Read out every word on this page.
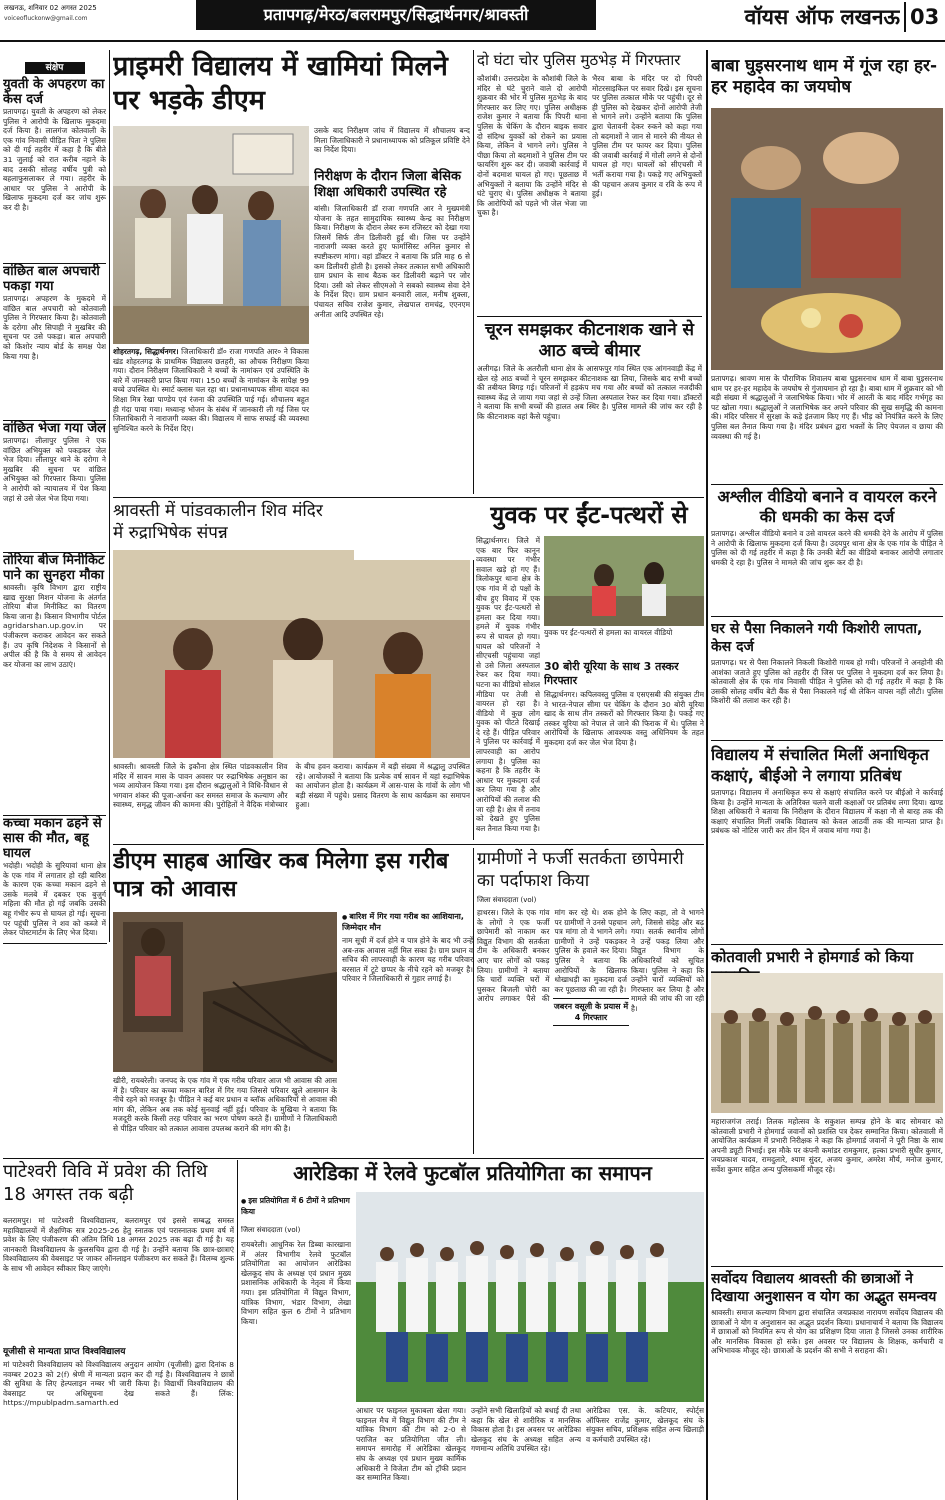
लखनऊ, शनिवार 02 अगस्त 2025
voiceofluckonw@gmail.com	प्रतापगढ़/मेरठ/बलरामपुर/सिद्धार्थनगर/श्रावस्ती	वॉयस ऑफ लखनऊ 03
संक्षेप
युवती के अपहरण का केस दर्ज
प्रतापगढ़। युवती के अपहरण को लेकर पुलिस ने आरोपी के खिलाफ मुकदमा दर्ज किया है। लालगंज कोतवाली के एक गांव निवासी पीड़ित पिता ने पुलिस को दी गई तहरीर में कहा है कि बीते 31 जुलाई को रात करीब नहाने के बाद उसकी सोलह वर्षीय पुत्री को बहलाफुसलाकर ले गया। तहरीर के आधार पर पुलिस ने आरोपी के खिलाफ मुकदमा दर्ज कर जांच शुरू कर दी है।
वांछित बाल अपचारी पकड़ा गया
प्रतापगढ़। अपहरण के मुकदमे में वांछित बाल अपचारी को कोतवाली पुलिस ने गिरफ्तार किया है। कोतवाली के दरोगा और सिपाही ने मुखबिर की सूचना पर उसे पकड़ा। बाल अपचारी को किशोर न्याय बोर्ड के समक्ष पेश किया गया है।
वांछित भेजा गया जेल
प्रतापगढ़। लीलापुर पुलिस ने एक वांछित अभियुक्त को पकड़कर जेल भेज दिया। लीलापुर थाने के दरोगा ने मुखबिर की सूचना पर वांछित अभियुक्त को गिरफ्तार किया। पुलिस ने आरोपी को न्यायालय में पेश किया जहां से उसे जेल भेज दिया गया।
तोरिया बीज मिनीकिट पाने का सुनहरा मौका
श्रावस्ती। कृषि विभाग द्वारा राष्ट्रीय खाद्य सुरक्षा मिशन योजना के अंतर्गत तोरिया बीज मिनीकिट का वितरण किया जाना है। किसान विभागीय पोर्टल agridarshan.up.gov.in पर पंजीकरण कराकर आवेदन कर सकते हैं। उप कृषि निदेशक ने किसानों से अपील की है कि वे समय से आवेदन कर योजना का लाभ उठाएं।
कच्चा मकान ढहने से सास की मौत, बहू घायल
भदोही। भदोही के सुरियावां थाना क्षेत्र के एक गांव में लगातार हो रही बारिश के कारण एक कच्चा मकान ढहने से उसके मलबे में दबकर एक बुजुर्ग महिला की मौत हो गई जबकि उसकी बहू गंभीर रूप से घायल हो गई। सूचना पर पहुंची पुलिस ने शव को कब्जे में लेकर पोस्टमार्टम के लिए भेज दिया।
प्राइमरी विद्यालय में खामियां मिलने पर भड़के डीएम
शोहरतगढ़, सिद्धार्थनगर। जिलाधिकारी डॉ० राजा गणपति आर० ने विकास खंड शोहरतगढ़ के प्राथमिक विद्यालय छतहरी, का औचक निरीक्षण किया गया। दौरान निरीक्षण जिलाधिकारी ने बच्चों के नामांकन एवं उपस्थिति के बारे में जानकारी प्राप्त किया गया। 150 बच्चों के नामांकन के सापेक्ष 99 बच्चे उपस्थित थे। स्मार्ट क्लास चल रहा था। प्रधानाध्यापक सीमा यादव का शिक्षा मित्र रेखा पाण्डेय एवं रंजना की उपस्थिति पाई गई। शौचालय बहुत ही गंदा पाया गया। मध्यान्ह भोजन के संबंध में जानकारी ली गई जिस पर जिलाधिकारी ने नाराजगी व्यक्त की। विद्यालय में साफ सफाई की व्यवस्था सुनिश्चित करने के निर्देश दिए।
उसके बाद निरीक्षण जांच में विद्यालय में शौचालय बन्द मिला जिलाधिकारी ने प्रधानाध्यापक को प्रतिकूल प्रविष्टि देने का निर्देश दिया।
निरीक्षण के दौरान जिला बेसिक शिक्षा अधिकारी उपस्थित रहे
बांसी। जिलाधिकारी डॉ राजा गणपति आर ने मुख्यमंत्री योजना के तहत सामुदायिक स्वास्थ्य केन्द्र का निरीक्षण किया। निरीक्षण के दौरान लेबर रूम रजिस्टर को देखा गया जिसमें सिर्फ तीन डिलीवरी हुई थी। जिस पर उन्होंने नाराजगी व्यक्त करते हुए फार्मासिस्ट अनिल कुमार से स्पष्टीकरण मांगा। वहां डॉक्टर ने बताया कि प्रति माह 6 से कम डिलीवरी होती है। इसको लेकर तत्काल सभी अधिकारी ग्राम प्रधान के साथ बैठक कर डिलीवरी बढ़ाने पर जोर दिया। उसी को लेकर सीएमओ ने सबको स्वास्थ्य सेवा देने के निर्देश दिए। ग्राम प्रधान बनवारी लाल, मनीष शुक्ला, पंचायत सचिव राजेश कुमार, लेखपाल रामचंद्र, एएनएम अनीता आदि उपस्थित रहे।
दो घंटा चोर पुलिस मुठभेड़ में गिरफ्तार
कौशांबी। उत्तरप्रदेश के कौशांबी जिले के मंदिर से घंटे चुराने वाले दो आरोपी शुक्रवार की भोर में पुलिस मुठभेड़ के बाद गिरफ्तार कर लिए गए। पुलिस अधीक्षक राजेश कुमार ने बताया कि पिपरी थाना पुलिस के चेकिंग के दौरान बाइक सवार दो संदिग्ध युवकों को रोकने का प्रयास किया, लेकिन वे भागने लगे। पुलिस ने पीछा किया तो बदमाशों ने पुलिस टीम पर फायरिंग शुरू कर दी। जवाबी कार्रवाई में दोनों बदमाश घायल हो गए। पूछताछ में अभियुक्तों ने बताया कि उन्होंने मंदिर से घंटे चुराए थे। पुलिस अधीक्षक ने बताया कि आरोपियों को पहले भी जेल भेजा जा चुका है।
भैरव बाबा के मंदिर पर दो पिपरी मोटरसाइकिल पर सवार दिखे। इस सूचना पर पुलिस तत्काल मौके पर पहुंची। दूर से ही पुलिस को देखकर दोनों आरोपी तेजी से भागने लगे। उन्होंने बताया कि पुलिस द्वारा चेतावनी देकर रुकने को कहा गया तो बदमाशों ने जान से मारने की नीयत से पुलिस टीम पर फायर कर दिया। पुलिस की जवाबी कार्रवाई में गोली लगने से दोनों घायल हो गए। घायलों को सीएचसी में भर्ती कराया गया है। पकड़े गए अभियुक्तों की पहचान अजय कुमार व रवि के रूप में हुई।
चूरन समझकर कीटनाशक खाने से आठ बच्चे बीमार
अलीगढ़। जिले के अतरौली थाना क्षेत्र के आसफपुर गांव स्थित एक आंगनवाड़ी केंद्र में खेल रहे आठ बच्चों ने चूरन समझकर कीटनाशक खा लिया, जिसके बाद सभी बच्चों की तबीयत बिगड़ गई। परिजनों में हड़कंप मच गया और बच्चों को तत्काल नजदीकी स्वास्थ्य केंद्र ले जाया गया जहां से उन्हें जिला अस्पताल रेफर कर दिया गया। डॉक्टरों ने बताया कि सभी बच्चों की हालत अब स्थिर है। पुलिस मामले की जांच कर रही है कि कीटनाशक वहां कैसे पहुंचा।
बाबा घुइसरनाथ धाम में गूंज रहा हर-हर महादेव का जयघोष
प्रतापगढ़। श्रावण मास के पौराणिक शिवालय बाबा घुइसरनाथ धाम में बाबा घुइसरनाथ धाम पर हर-हर महादेव के जयघोष से गुंजायमान हो रहा है। बाबा धाम में शुक्रवार को भी बड़ी संख्या में श्रद्धालुओं ने जलाभिषेक किया। भोर में आरती के बाद मंदिर गर्भगृह का पट खोला गया। श्रद्धालुओं ने जलाभिषेक कर अपने परिवार की सुख समृद्धि की कामना की। मंदिर परिसर में सुरक्षा के कड़े इंतजाम किए गए हैं। भीड़ को नियंत्रित करने के लिए पुलिस बल तैनात किया गया है। मंदिर प्रबंधन द्वारा भक्तों के लिए पेयजल व छाया की व्यवस्था की गई है।
अश्लील वीडियो बनाने व वायरल करने की धमकी का केस दर्ज
प्रतापगढ़। अश्लील वीडियो बनाने व उसे वायरल करने की धमकी देने के आरोप में पुलिस ने आरोपी के खिलाफ मुकदमा दर्ज किया है। उदयपुर थाना क्षेत्र के एक गांव के पीड़ित ने पुलिस को दी गई तहरीर में कहा है कि उनकी बेटी का वीडियो बनाकर आरोपी लगातार धमकी दे रहा है। पुलिस ने मामले की जांच शुरू कर दी है।
घर से पैसा निकालने गयी किशोरी लापता, केस दर्ज
प्रतापगढ़। घर से पैसा निकालने निकली किशोरी गायब हो गयी। परिजनों ने अनहोनी की आशंका जताते हुए पुलिस को तहरीर दी जिस पर पुलिस ने मुकदमा दर्ज कर लिया है। कोतवाली क्षेत्र के एक गांव निवासी पीड़ित ने पुलिस को दी गई तहरीर में कहा है कि उसकी सोलह वर्षीय बेटी बैंक से पैसा निकालने गई थी लेकिन वापस नहीं लौटी। पुलिस किशोरी की तलाश कर रही है।
विद्यालय में संचालित मिलीं अनाधिकृत कक्षाएं, बीईओ ने लगाया प्रतिबंध
प्रतापगढ़। विद्यालय में अनाधिकृत रूप से कक्षाएं संचालित करने पर बीईओ ने कार्रवाई किया है। उन्होंने मान्यता के अतिरिक्त चलने वाली कक्षाओं पर प्रतिबंध लगा दिया। खण्ड शिक्षा अधिकारी ने बताया कि निरीक्षण के दौरान विद्यालय में कक्षा नौ से बारह तक की कक्षाएं संचालित मिलीं जबकि विद्यालय को केवल आठवीं तक की मान्यता प्राप्त है। प्रबंधक को नोटिस जारी कर तीन दिन में जवाब मांगा गया है।
कोतवाली प्रभारी ने होमगार्ड को किया
महाराजगंज तराई। तिलक महोत्सव के सकुशल सम्पन्न होने के बाद सोमवार को कोतवाली प्रभारी ने होमगार्ड जवानों को प्रशस्ति पत्र देकर सम्मानित किया। कोतवाली में आयोजित कार्यक्रम में प्रभारी निरीक्षक ने कहा कि होमगार्ड जवानों ने पूरी निष्ठा के साथ अपनी ड्यूटी निभाई। इस मौके पर कंपनी कमांडर रामकुमार, हल्का प्रभारी सुधीर कुमार, जयप्रकाश यादव, रामदुलारे, श्याम सुंदर, अजय कुमार, अमरेश मौर्य, मनोज कुमार, सर्वेश कुमार सहित अन्य पुलिसकर्मी मौजूद रहे।
सर्वोदय विद्यालय श्रावस्ती की छात्राओं ने दिखाया अनुशासन व योग का अद्भुत समन्वय
श्रावस्ती। समाज कल्याण विभाग द्वारा संचालित जयप्रकाश नारायण सर्वोदय विद्यालय की छात्राओं ने योग व अनुशासन का अद्भुत प्रदर्शन किया। प्रधानाचार्य ने बताया कि विद्यालय में छात्राओं को नियमित रूप से योग का प्रशिक्षण दिया जाता है जिससे उनका शारीरिक और मानसिक विकास हो सके। इस अवसर पर विद्यालय के शिक्षक, कर्मचारी व अभिभावक मौजूद रहे। छात्राओं के प्रदर्शन की सभी ने सराहना की।
श्रावस्ती में पांडवकालीन शिव मंदिर में रुद्राभिषेक संपन्न
श्रावस्ती। श्रावस्ती जिले के इकौना क्षेत्र स्थित पांडवकालीन शिव मंदिर में सावन मास के पावन अवसर पर रुद्राभिषेक अनुष्ठान का भव्य आयोजन किया गया। इस दौरान श्रद्धालुओं ने विधि-विधान से भगवान शंकर की पूजा-अर्चना कर समस्त समाज के कल्याण और स्वास्थ्य, समृद्ध जीवन की कामना की। पुरोहितों ने वैदिक मंत्रोच्चार के बीच हवन कराया। कार्यक्रम में बड़ी संख्या में श्रद्धालु उपस्थित रहे। आयोजकों ने बताया कि प्रत्येक वर्ष सावन में यहां रुद्राभिषेक का आयोजन होता है। कार्यक्रम में आस-पास के गांवों के लोग भी बड़ी संख्या में पहुंचे। प्रसाद वितरण के साथ कार्यक्रम का समापन हुआ।
युवक पर ईंट-पत्थरों से
सिद्धार्थनगर। जिले में एक बार फिर कानून व्यवस्था पर गंभीर सवाल खड़े हो गए हैं। त्रिलोकपुर थाना क्षेत्र के एक गांव में दो पक्षों के बीच हुए विवाद में एक युवक पर ईंट-पत्थरों से हमला कर दिया गया। हमले में युवक गंभीर रूप से घायल हो गया। घायल को परिजनों ने सीएचसी पहुंचाया जहां से उसे जिला अस्पताल रेफर कर दिया गया। घटना का वीडियो सोशल मीडिया पर तेजी से वायरल हो रहा है। वीडियो में कुछ लोग युवक को पीटते दिखाई दे रहे हैं। पीड़ित परिवार ने पुलिस पर कार्रवाई में लापरवाही का आरोप लगाया है। पुलिस का कहना है कि तहरीर के आधार पर मुकदमा दर्ज कर लिया गया है और आरोपियों की तलाश की जा रही है। क्षेत्र में तनाव को देखते हुए पुलिस बल तैनात किया गया है।
युवक पर ईंट-पत्थरों से हमला का वायरल वीडियो
30 बोरी यूरिया के साथ 3 तस्कर गिरफ्तार
सिद्धार्थनगर। कपिलवस्तु पुलिस व एसएसबी की संयुक्त टीम ने भारत-नेपाल सीमा पर चेकिंग के दौरान 30 बोरी यूरिया खाद के साथ तीन तस्करों को गिरफ्तार किया है। पकड़े गए तस्कर यूरिया को नेपाल ले जाने की फिराक में थे। पुलिस ने आरोपियों के खिलाफ आवश्यक वस्तु अधिनियम के तहत मुकदमा दर्ज कर जेल भेज दिया है।
डीएम साहब आखिर कब मिलेगा इस गरीब पात्र को आवास
खीरी, रायबरेली। जनपद के एक गांव में एक गरीब परिवार आज भी आवास की आस में है। परिवार का कच्चा मकान बारिश में गिर गया जिससे परिवार खुले आसमान के नीचे रहने को मजबूर है। पीड़ित ने कई बार प्रधान व ब्लॉक अधिकारियों से आवास की मांग की, लेकिन अब तक कोई सुनवाई नहीं हुई। परिवार के मुखिया ने बताया कि मजदूरी करके किसी तरह परिवार का भरण पोषण करते हैं। ग्रामीणों ने जिलाधिकारी से पीड़ित परिवार को तत्काल आवास उपलब्ध कराने की मांग की है।
● बारिश में गिर गया गरीब का आशियाना, जिम्मेदार मौन
नाम सूची में दर्ज होने व पात्र होने के बाद भी उन्हें अब-तक आवास नहीं मिल सका है। ग्राम प्रधान व सचिव की लापरवाही के कारण यह गरीब परिवार बरसात में टूटे छप्पर के नीचे रहने को मजबूर है। परिवार ने जिलाधिकारी से गुहार लगाई है।
ग्रामीणों ने फर्जी सतर्कता छापेमारी का पर्दाफाश किया
जिला संवाददाता (vol)
हाथरस। जिले के एक गांव के लोगों ने एक फर्जी छापेमारी को नाकाम कर विद्युत विभाग की सतर्कता टीम के अधिकारी बनकर आए चार लोगों को पकड़ लिया। ग्रामीणों ने बताया कि चारों व्यक्ति घरों में घुसकर बिजली चोरी का आरोप लगाकर पैसे की मांग कर रहे थे। शक होने पर ग्रामीणों ने उनसे पहचान पत्र मांगा तो वे भागने लगे। ग्रामीणों ने उन्हें पकड़कर पुलिस के हवाले कर दिया। पुलिस ने बताया कि आरोपियों के खिलाफ धोखाधड़ी का मुकदमा दर्ज कर पूछताछ की जा रही है।
के लिए कहा, तो वे भागने लगे, जिससे संदेह और बढ़ गया। सतर्क स्थानीय लोगों ने उन्हें पकड़ लिया और विद्युत विभाग के अधिकारियों को सूचित किया। पुलिस ने कहा कि उन्होंने चारों व्यक्तियों को गिरफ्तार कर लिया है और मामले की जांच की जा रही है।
जबरन वसूली के प्रयास में 4 गिरफ्तार
पाटेश्वरी विवि में प्रवेश की तिथि 18 अगस्त तक बढ़ी
बलरामपुर। मां पाटेश्वरी विश्वविद्यालय, बलरामपुर एवं इससे सम्बद्ध समस्त महाविद्यालयों में शैक्षणिक सत्र 2025-26 हेतु स्नातक एवं परास्नातक प्रथम वर्ष में प्रवेश के लिए पंजीकरण की अंतिम तिथि 18 अगस्त 2025 तक बढ़ा दी गई है। यह जानकारी विश्वविद्यालय के कुलसचिव द्वारा दी गई है। उन्होंने बताया कि छात्र-छात्राएं विश्वविद्यालय की वेबसाइट पर जाकर ऑनलाइन पंजीकरण कर सकते हैं। विलम्ब शुल्क के साथ भी आवेदन स्वीकार किए जाएंगे।
यूजीसी से मान्यता प्राप्त विश्वविद्यालय
मां पाटेश्वरी विश्वविद्यालय को विश्वविद्यालय अनुदान आयोग (यूजीसी) द्वारा दिनांक 8 नवम्बर 2023 को 2(f) श्रेणी में मान्यता प्रदान कर दी गई है। विश्वविद्यालय ने छात्रों की सुविधा के लिए हेल्पलाइन नम्बर भी जारी किया है। विद्यार्थी विश्वविद्यालय की वेबसाइट पर अधिसूचना देख सकते हैं। लिंक: https://mpublpadm.samarth.ed
आरेडिका में रेलवे फुटबॉल प्रतियोगिता का समापन
● इस प्रतियोगिता में 6 टीमों ने प्रतिभाग किया
जिला संवाददाता (vol)
रायबरेली। आधुनिक रेल डिब्बा कारखाना में अंतर विभागीय रेलवे फुटबॉल प्रतियोगिता का आयोजन आरेडिका खेलकूद संघ के अध्यक्ष एवं प्रधान मुख्य प्रशासनिक अधिकारी के नेतृत्व में किया गया। इस प्रतियोगिता में विद्युत विभाग, यांत्रिक विभाग, भंडार विभाग, लेखा विभाग सहित कुल 6 टीमों ने प्रतिभाग किया।
आधार पर फाइनल मुकाबला खेला गया। फाइनल मैच में विद्युत विभाग की टीम ने यांत्रिक विभाग की टीम को 2-0 से पराजित कर प्रतियोगिता जीत ली। समापन समारोह में आरेडिका खेलकूद संघ के अध्यक्ष एवं प्रधान मुख्य कार्मिक अधिकारी ने विजेता टीम को ट्रॉफी प्रदान कर सम्मानित किया।
उन्होंने सभी खिलाड़ियों को बधाई दी तथा कहा कि खेल से शारीरिक व मानसिक विकास होता है। इस अवसर पर आरेडिका खेलकूद संघ के अध्यक्ष सहित अन्य गणमान्य अतिथि उपस्थित रहे।
आरेडिका एस. के. कटियार, स्पोर्ट्स ऑफिसर राजेंद्र कुमार, खेलकूद संघ के संयुक्त सचिव, प्रशिक्षक सहित अन्य खिलाड़ी व कर्मचारी उपस्थित रहे।
